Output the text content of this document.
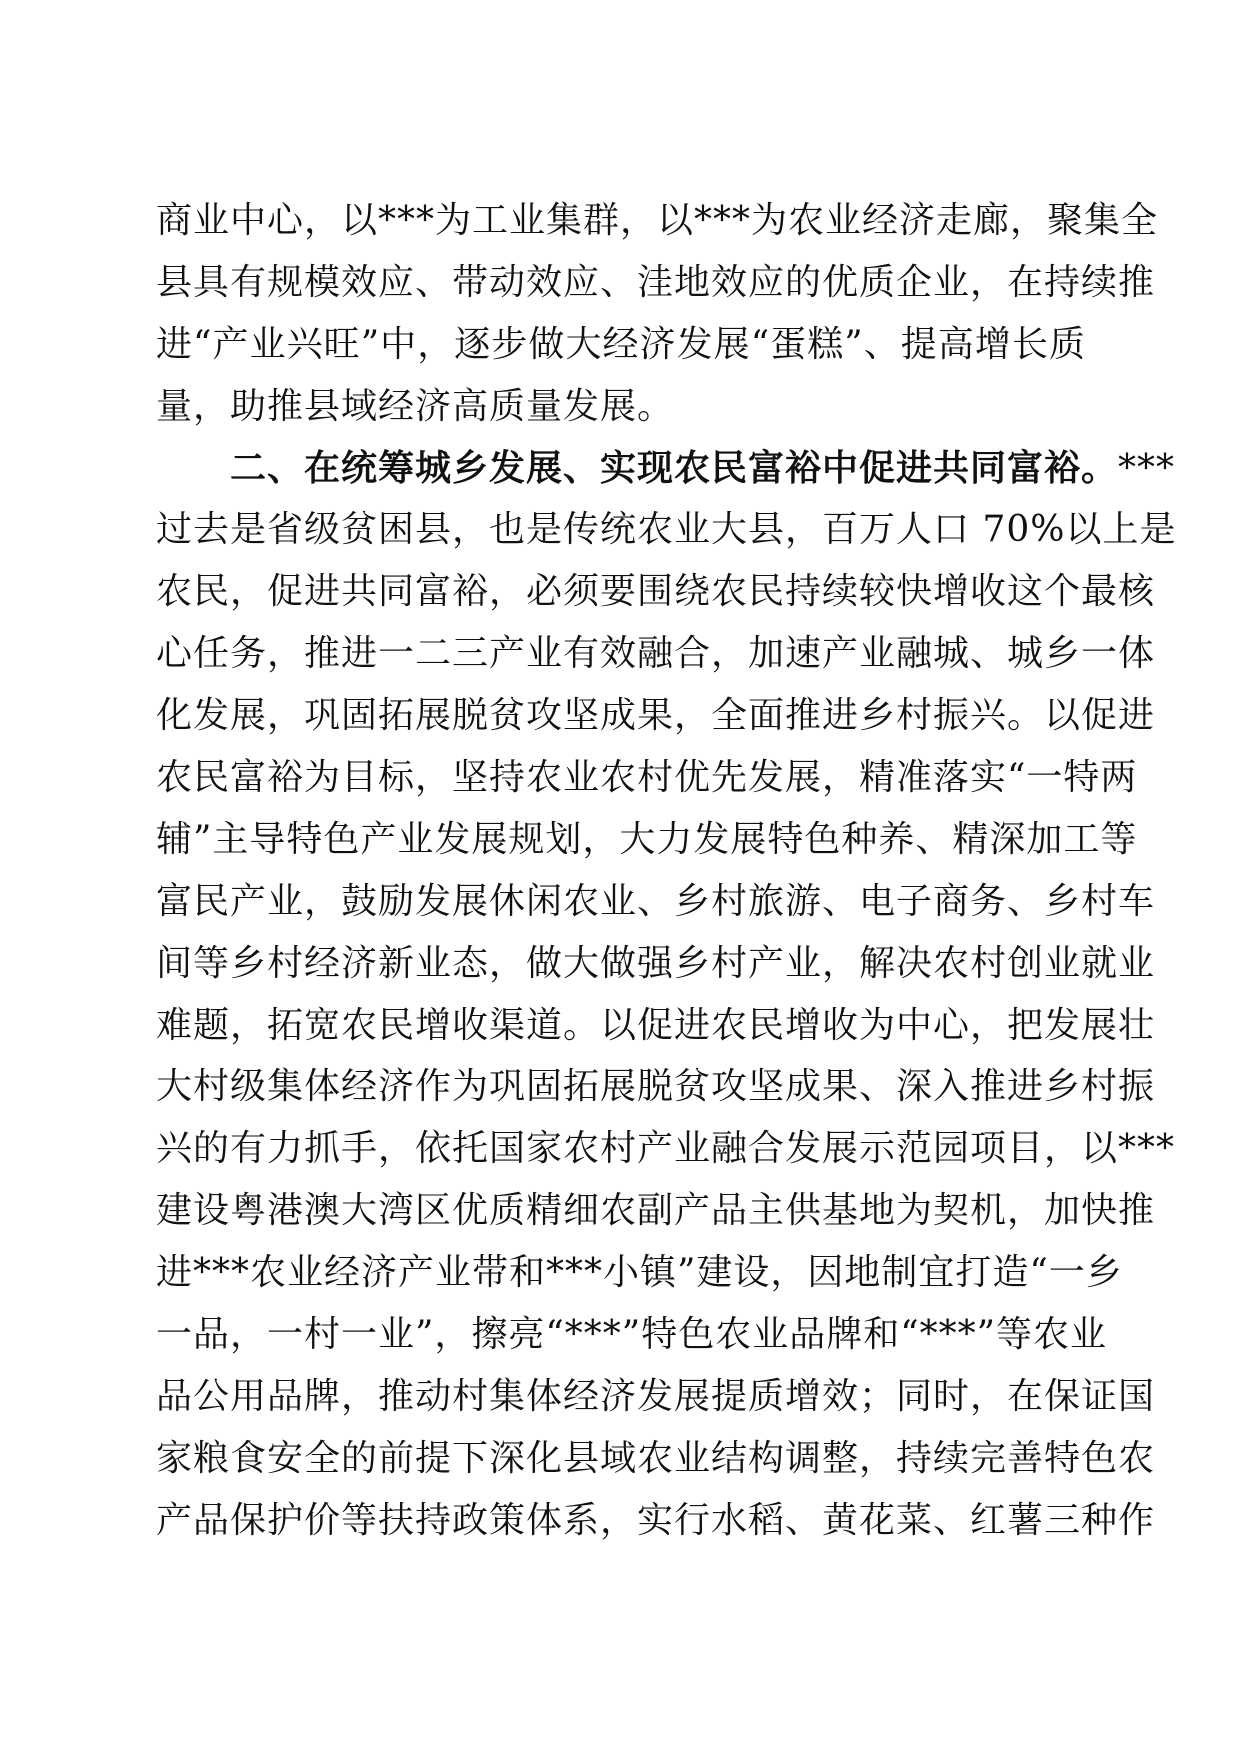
商业中心，以***为工业集群，以***为农业经济走廊，聚集全
县具有规模效应、带动效应、洼地效应的优质企业，在持续推
进“产业兴旺”中，逐步做大经济发展“蛋糕”、提高增长质
量，助推县域经济高质量发展。
　　二、在统筹城乡发展、实现农民富裕中促进共同富裕。***
过去是省级贫困县，也是传统农业大县，百万人口 70%以上是
农民，促进共同富裕，必须要围绕农民持续较快增收这个最核
心任务，推进一二三产业有效融合，加速产业融城、城乡一体
化发展，巩固拓展脱贫攻坚成果，全面推进乡村振兴。以促进
农民富裕为目标，坚持农业农村优先发展，精准落实“一特两
辅”主导特色产业发展规划，大力发展特色种养、精深加工等
富民产业，鼓励发展休闲农业、乡村旅游、电子商务、乡村车
间等乡村经济新业态，做大做强乡村产业，解决农村创业就业
难题，拓宽农民增收渠道。以促进农民增收为中心，把发展壮
大村级集体经济作为巩固拓展脱贫攻坚成果、深入推进乡村振
兴的有力抓手，依托国家农村产业融合发展示范园项目，以***
建设粤港澳大湾区优质精细农副产品主供基地为契机，加快推
进***农业经济产业带和***小镇”建设，因地制宜打造“一乡
一品，一村一业”，擦亮“***”特色农业品牌和“***”等农业
品公用品牌，推动村集体经济发展提质增效；同时，在保证国
家粮食安全的前提下深化县域农业结构调整，持续完善特色农
产品保护价等扶持政策体系，实行水稻、黄花菜、红薯三种作
